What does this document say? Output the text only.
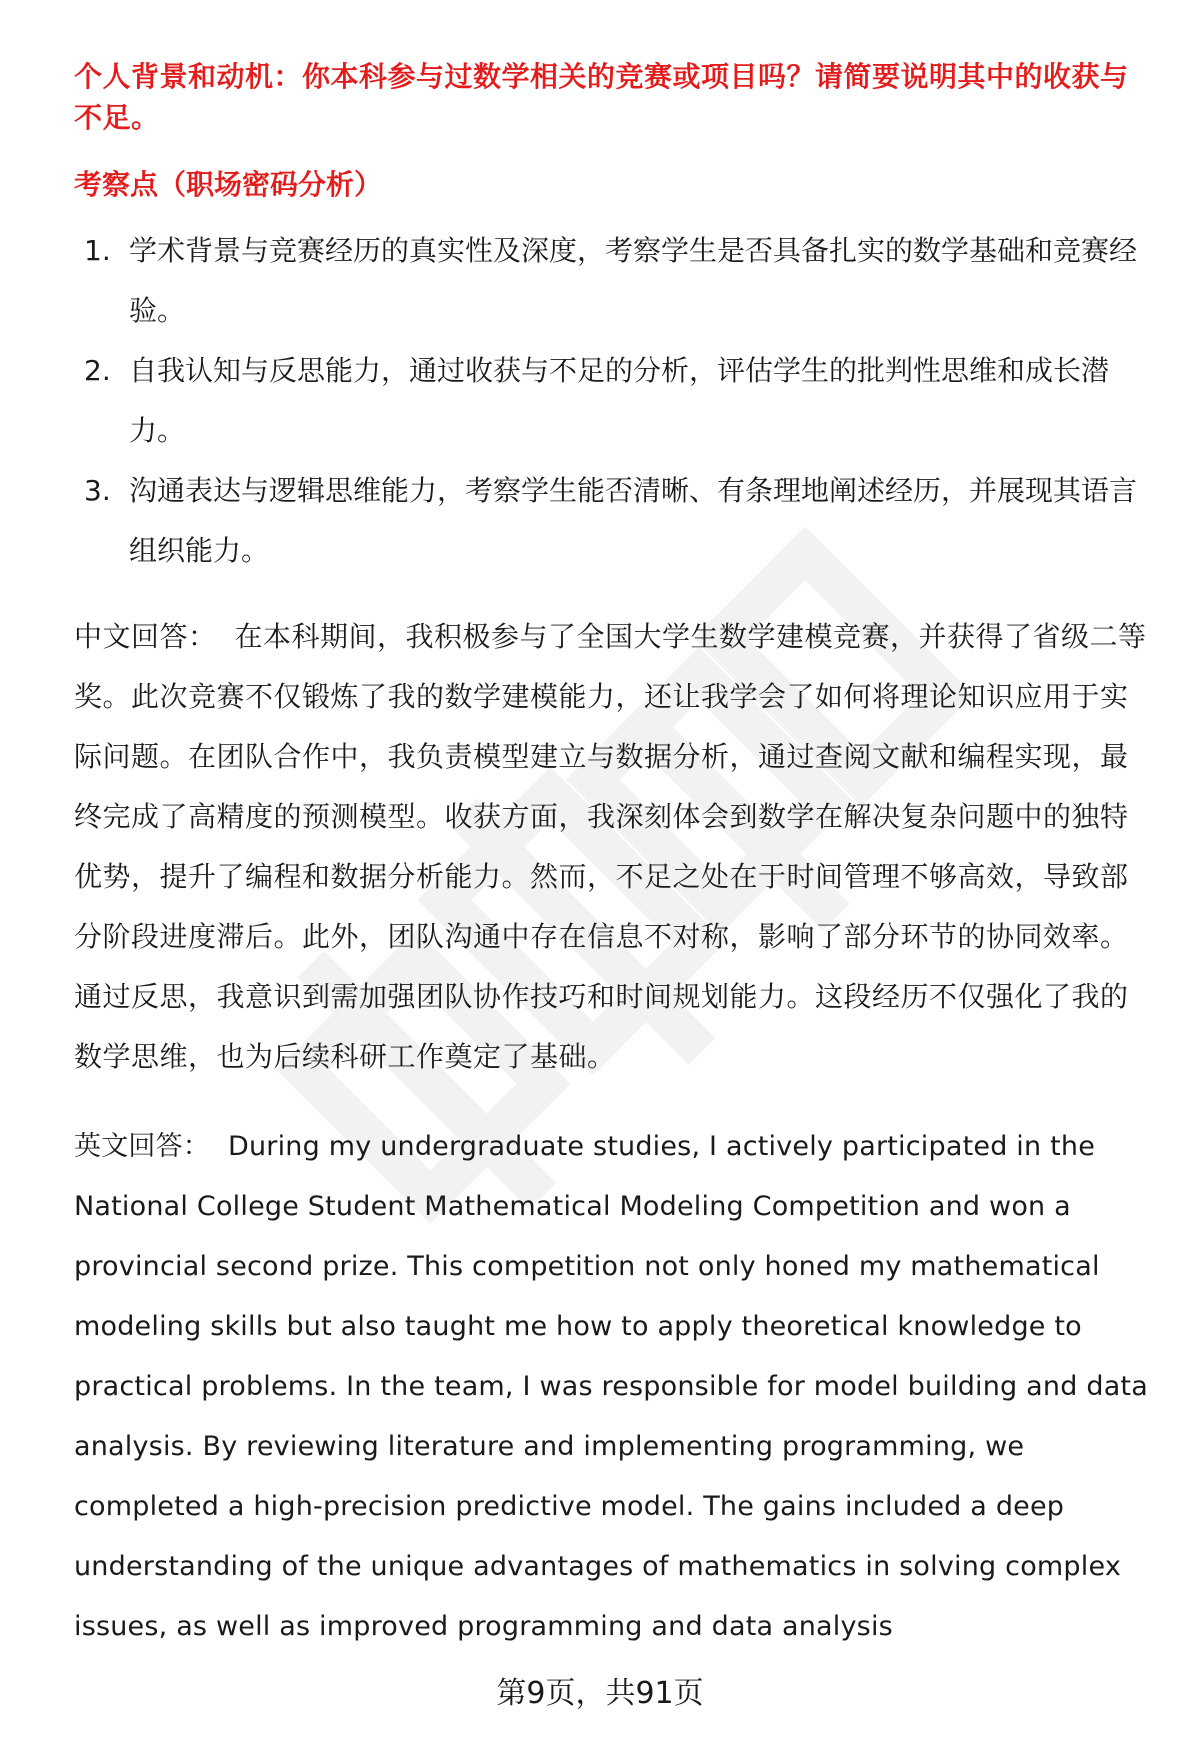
个人背景和动机：你本科参与过数学相关的竞赛或项目吗？请简要说明其中的收获与不足。

考察点（职场密码分析）
1. 学术背景与竞赛经历的真实性及深度，考察学生是否具备扎实的数学基础和竞赛经验。
2. 自我认知与反思能力，通过收获与不足的分析，评估学生的批判性思维和成长潜力。
3. 沟通表达与逻辑思维能力，考察学生能否清晰、有条理地阐述经历，并展现其语言组织能力。

中文回答： 在本科期间，我积极参与了全国大学生数学建模竞赛，并获得了省级二等奖。此次竞赛不仅锻炼了我的数学建模能力，还让我学会了如何将理论知识应用于实际问题。在团队合作中，我负责模型建立与数据分析，通过查阅文献和编程实现，最终完成了高精度的预测模型。收获方面，我深刻体会到数学在解决复杂问题中的独特优势，提升了编程和数据分析能力。然而，不足之处在于时间管理不够高效，导致部分阶段进度滞后。此外，团队沟通中存在信息不对称，影响了部分环节的协同效率。通过反思，我意识到需加强团队协作技巧和时间规划能力。这段经历不仅强化了我的数学思维，也为后续科研工作奠定了基础。

英文回答： During my undergraduate studies, I actively participated in the National College Student Mathematical Modeling Competition and won a provincial second prize. This competition not only honed my mathematical modeling skills but also taught me how to apply theoretical knowledge to practical problems. In the team, I was responsible for model building and data analysis. By reviewing literature and implementing programming, we completed a high-precision predictive model. The gains included a deep understanding of the unique advantages of mathematics in solving complex issues, as well as improved programming and data analysis

第9页，共91页
